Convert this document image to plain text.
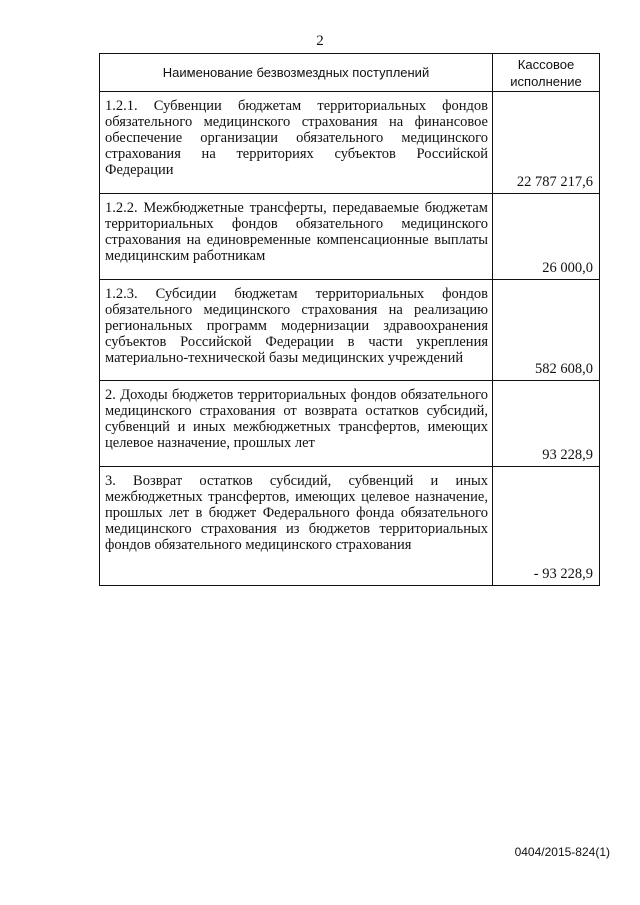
2
Наименование безвозмездных поступлений	Кассовое
исполнение

1.2.1. Субвенции бюджетам территориальных фондов обязательного медицинского страхования на финансовое обеспечение организации обязательного медицинского страхования на территориях субъектов Российской Федерации	22 787 217,6
1.2.2. Межбюджетные трансферты, передаваемые бюджетам территориальных фондов обязательного медицинского страхования на единовременные компенсационные выплаты медицинским работникам	26 000,0
1.2.3. Субсидии бюджетам территориальных фондов обязательного медицинского страхования на реализацию региональных программ модернизации здравоохранения субъектов Российской Федерации в части укрепления материально-технической базы медицинских учреждений	582 608,0
2. Доходы бюджетов территориальных фондов обязательного медицинского страхования от возврата остатков субсидий, субвенций и иных межбюджетных трансфертов, имеющих целевое назначение, прошлых лет	93 228,9
3. Возврат остатков субсидий, субвенций и иных межбюджетных трансфертов, имеющих целевое назначение, прошлых лет в бюджет Федерального фонда обязательного медицинского страхования из бюджетов территориальных фондов обязательного медицинского страхования	- 93 228,9
0404/2015-824(1)
